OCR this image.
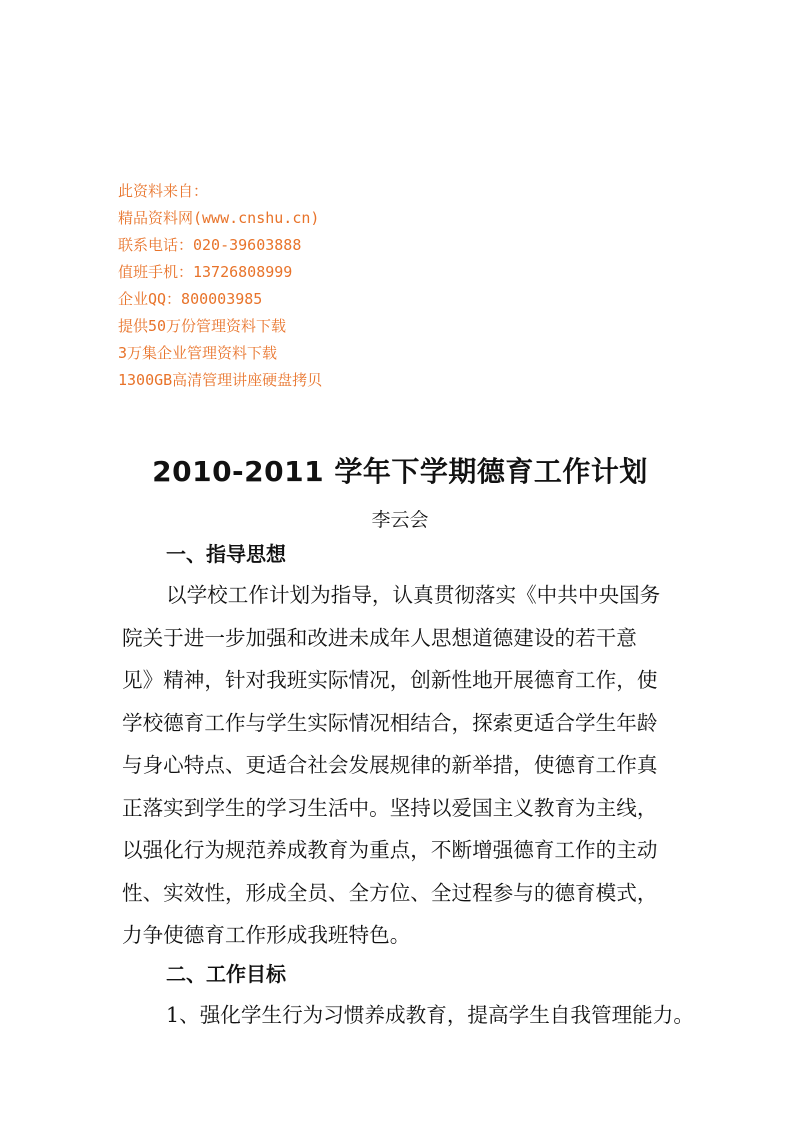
此资料来自：
精品资料网(www.cnshu.cn)
联系电话：020-39603888
值班手机：13726808999
企业QQ：800003985
提供50万份管理资料下载
3万集企业管理资料下载
1300GB高清管理讲座硬盘拷贝
2010-2011 学年下学期德育工作计划
李云会
一、指导思想
以学校工作计划为指导，认真贯彻落实《中共中央国务
院关于进一步加强和改进未成年人思想道德建设的若干意
见》精神，针对我班实际情况，创新性地开展德育工作，使
学校德育工作与学生实际情况相结合，探索更适合学生年龄
与身心特点、更适合社会发展规律的新举措，使德育工作真
正落实到学生的学习生活中。坚持以爱国主义教育为主线，
以强化行为规范养成教育为重点，不断增强德育工作的主动
性、实效性，形成全员、全方位、全过程参与的德育模式，
力争使德育工作形成我班特色。
二、工作目标
1、强化学生行为习惯养成教育，提高学生自我管理能力。
